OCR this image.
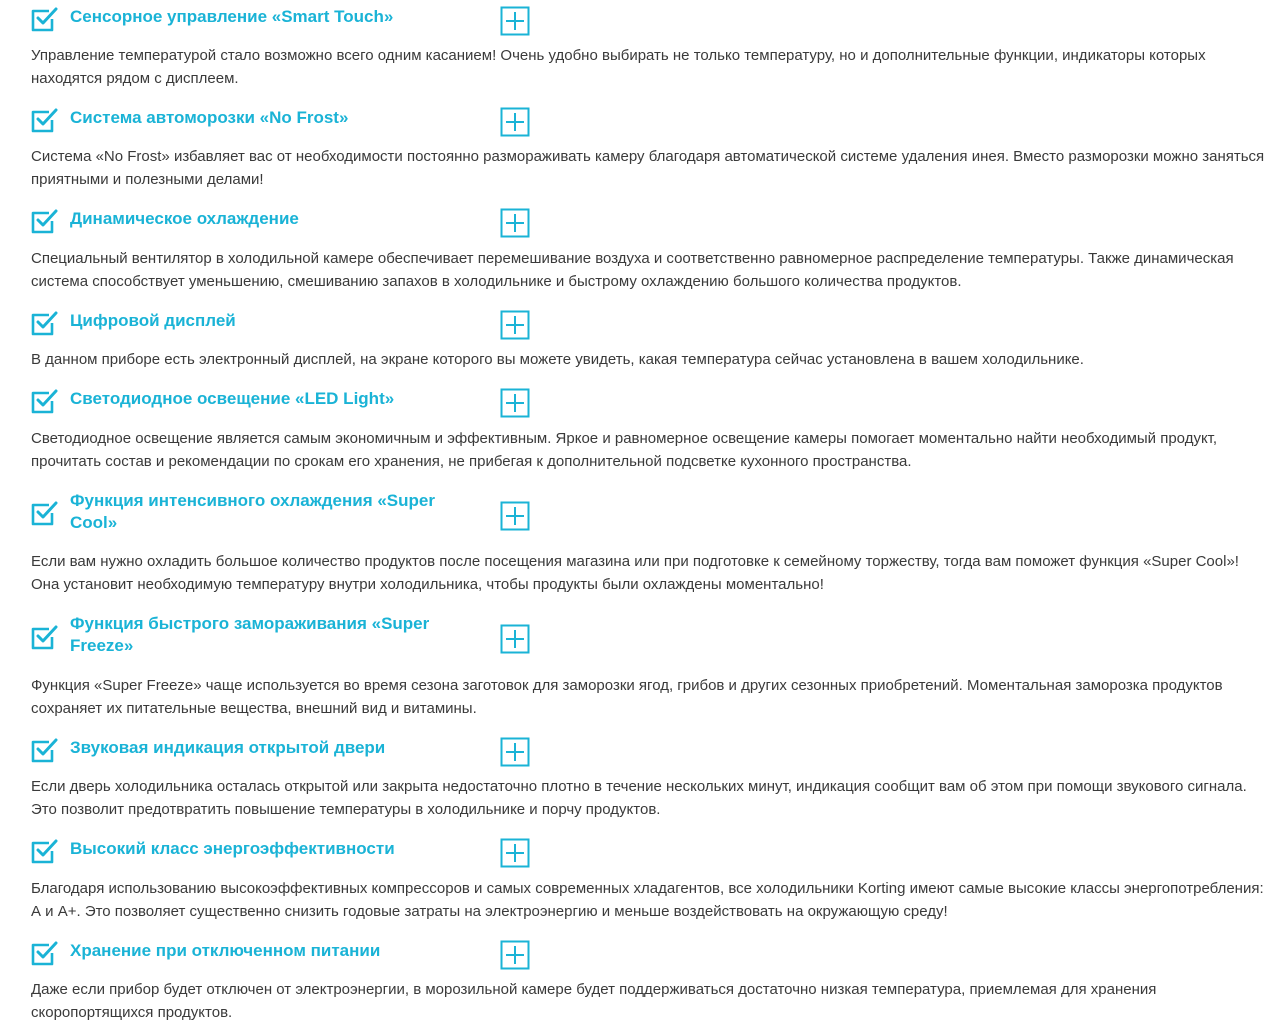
Сенсорное управление «Smart Touch»

Управление температурой стало возможно всего одним касанием! Очень удобно выбирать не только температуру, но и дополнительные функции, индикаторы которых находятся рядом с дисплеем.

Система автоморозки «No Frost»

Система «No Frost» избавляет вас от необходимости постоянно размораживать камеру благодаря автоматической системе удаления инея. Вместо разморозки можно заняться приятными и полезными делами!

Динамическое охлаждение

Специальный вентилятор в холодильной камере обеспечивает перемешивание воздуха и соответственно равномерное распределение температуры. Также динамическая система способствует уменьшению, смешиванию запахов в холодильнике и быстрому охлаждению большого количества продуктов.

Цифровой дисплей

В данном приборе есть электронный дисплей, на экране которого вы можете увидеть, какая температура сейчас установлена в вашем холодильнике.

Светодиодное освещение «LED Light»

Светодиодное освещение является самым экономичным и эффективным. Яркое и равномерное освещение камеры помогает моментально найти необходимый продукт, прочитать состав и рекомендации по срокам его хранения, не прибегая к дополнительной подсветке кухонного пространства.

Функция интенсивного охлаждения «Super Cool»

Если вам нужно охладить большое количество продуктов после посещения магазина или при подготовке к семейному торжеству, тогда вам поможет функция «Super Cool»! Она установит необходимую температуру внутри холодильника, чтобы продукты были охлаждены моментально!

Функция быстрого замораживания «Super Freeze»

Функция «Super Freeze» чаще используется во время сезона заготовок для заморозки ягод, грибов и других сезонных приобретений. Моментальная заморозка продуктов сохраняет их питательные вещества, внешний вид и витамины.

Звуковая индикация открытой двери

Если дверь холодильника осталась открытой или закрыта недостаточно плотно в течение нескольких минут, индикация сообщит вам об этом при помощи звукового сигнала. Это позволит предотвратить повышение температуры в холодильнике и порчу продуктов.

Высокий класс энергоэффективности

Благодаря использованию высокоэффективных компрессоров и самых современных хладагентов, все холодильники Korting имеют самые высокие классы энергопотребления: А и А+. Это позволяет существенно снизить годовые затраты на электроэнергию и меньше воздействовать на окружающую среду!

Хранение при отключенном питании

Даже если прибор будет отключен от электроэнергии, в морозильной камере будет поддерживаться достаточно низкая температура, приемлемая для хранения скоропортящихся продуктов.
